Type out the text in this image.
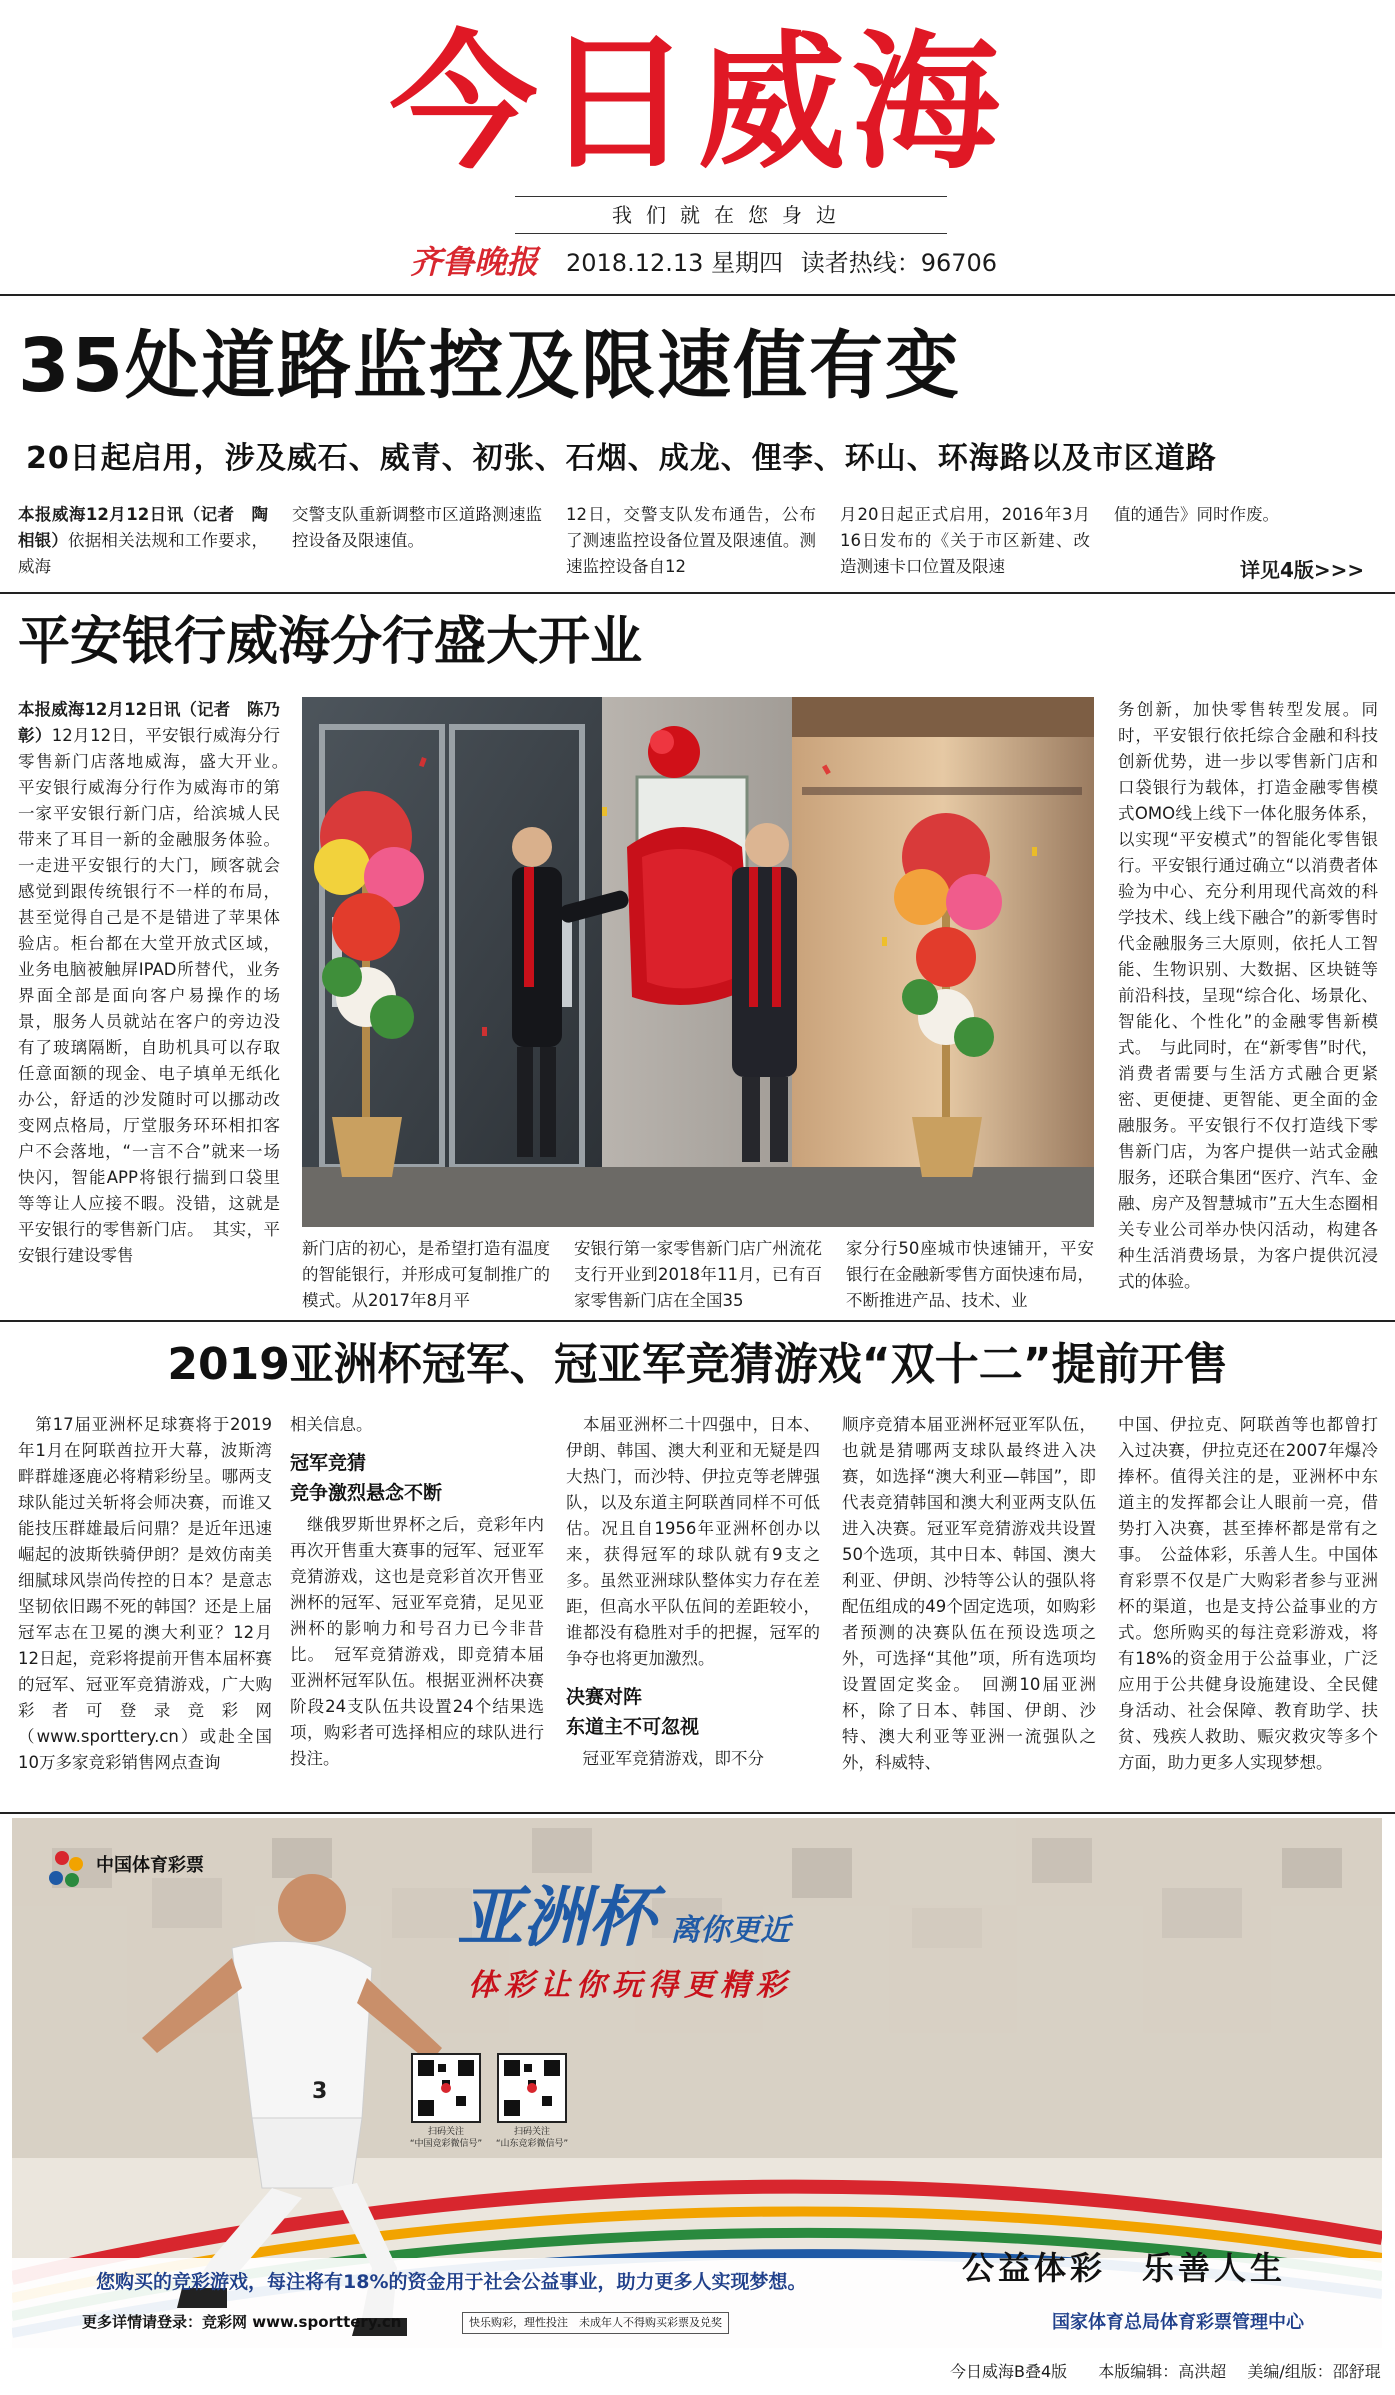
今日威海
我们就在您身边
齐鲁晚报 2018.12.13 星期四 读者热线：96706
35处道路监控及限速值有变
20日起启用，涉及威石、威青、初张、石烟、成龙、俚李、环山、环海路以及市区道路
本报威海12月12日讯（记者　陶相银）依据相关法规和工作要求，威海
交警支队重新调整市区道路测速监控设备及限速值。
12日，交警支队发布通告，公布了测速监控设备位置及限速值。测速监控设备自12
月20日起正式启用，2016年3月16日发布的《关于市区新建、改造测速卡口位置及限速
值的通告》同时作废。
详见4版>>>
平安银行威海分行盛大开业
本报威海12月12日讯（记者　陈乃彰）12月12日，平安银行威海分行零售新门店落地威海，盛大开业。　平安银行威海分行作为威海市的第一家平安银行新门店，给滨城人民带来了耳目一新的金融服务体验。一走进平安银行的大门，顾客就会感觉到跟传统银行不一样的布局，甚至觉得自己是不是错进了苹果体验店。柜台都在大堂开放式区域，业务电脑被触屏IPAD所替代，业务界面全部是面向客户易操作的场景，服务人员就站在客户的旁边没有了玻璃隔断，自助机具可以存取任意面额的现金、电子填单无纸化办公，舒适的沙发随时可以挪动改变网点格局，厅堂服务环环相扣客户不会落地，“一言不合”就来一场快闪，智能APP将银行揣到口袋里等等让人应接不暇。没错，这就是平安银行的零售新门店。　其实，平安银行建设零售	新门店的初心，是希望打造有温度的智能银行，并形成可复制推广的模式。从2017年8月平
安银行第一家零售新门店广州流花支行开业到2018年11月，已有百家零售新门店在全国35
家分行50座城市快速铺开，平安银行在金融新零售方面快速布局，不断推进产品、技术、业
务创新，加快零售转型发展。同时，平安银行依托综合金融和科技创新优势，进一步以零售新门店和口袋银行为载体，打造金融零售模式OMO线上线下一体化服务体系，以实现“平安模式”的智能化零售银行。平安银行通过确立“以消费者体验为中心、充分利用现代高效的科学技术、线上线下融合”的新零售时代金融服务三大原则，依托人工智能、生物识别、大数据、区块链等前沿科技，呈现“综合化、场景化、智能化、个性化”的金融零售新模式。　与此同时，在“新零售”时代，消费者需要与生活方式融合更紧密、更便捷、更智能、更全面的金融服务。平安银行不仅打造线下零售新门店，为客户提供一站式金融服务，还联合集团“医疗、汽车、金融、房产及智慧城市”五大生态圈相关专业公司举办快闪活动，构建各种生活消费场景，为客户提供沉浸式的体验。
2019亚洲杯冠军、冠亚军竞猜游戏“双十二”提前开售
　第17届亚洲杯足球赛将于2019年1月在阿联酋拉开大幕，波斯湾畔群雄逐鹿必将精彩纷呈。哪两支球队能过关斩将会师决赛，而谁又能技压群雄最后问鼎？是近年迅速崛起的波斯铁骑伊朗？是效仿南美细腻球风崇尚传控的日本？是意志坚韧依旧踢不死的韩国？还是上届冠军志在卫冕的澳大利亚？12月12日起，竞彩将提前开售本届杯赛的冠军、冠亚军竞猜游戏，广大购彩者可登录竞彩网（www.sporttery.cn）或赴全国10万多家竞彩销售网点查询
相关信息。
冠军竞猜
竞争激烈悬念不断
　继俄罗斯世界杯之后，竞彩年内再次开售重大赛事的冠军、冠亚军竞猜游戏，这也是竞彩首次开售亚洲杯的冠军、冠亚军竞猜，足见亚洲杯的影响力和号召力已今非昔比。　冠军竞猜游戏，即竞猜本届亚洲杯冠军队伍。根据亚洲杯决赛阶段24支队伍共设置24个结果选项，购彩者可选择相应的球队进行投注。
　本届亚洲杯二十四强中，日本、伊朗、韩国、澳大利亚和无疑是四大热门，而沙特、伊拉克等老牌强队，以及东道主阿联酋同样不可低估。况且自1956年亚洲杯创办以来，获得冠军的球队就有9支之多。虽然亚洲球队整体实力存在差距，但高水平队伍间的差距较小，谁都没有稳胜对手的把握，冠军的争夺也将更加激烈。
决赛对阵
东道主不可忽视
　冠亚军竞猜游戏，即不分
顺序竞猜本届亚洲杯冠亚军队伍，也就是猜哪两支球队最终进入决赛，如选择“澳大利亚—韩国”，即代表竞猜韩国和澳大利亚两支队伍进入决赛。冠亚军竞猜游戏共设置50个选项，其中日本、韩国、澳大利亚、伊朗、沙特等公认的强队将配伍组成的49个固定选项，如购彩者预测的决赛队伍在预设选项之外，可选择“其他”项，所有选项均设置固定奖金。　回溯10届亚洲杯，除了日本、韩国、伊朗、沙特、澳大利亚等亚洲一流强队之外，科威特、
中国、伊拉克、阿联酋等也都曾打入过决赛，伊拉克还在2007年爆冷捧杯。值得关注的是，亚洲杯中东道主的发挥都会让人眼前一亮，借势打入决赛，甚至捧杯都是常有之事。　公益体彩，乐善人生。中国体育彩票不仅是广大购彩者参与亚洲杯的渠道，也是支持公益事业的方式。您所购买的每注竞彩游戏，将有18%的资金用于公益事业，广泛应用于公共健身设施建设、全民健身活动、社会保障、教育助学、扶贫、残疾人救助、赈灾救灾等多个方面，助力更多人实现梦想。
中国体育彩票
3
亚洲杯 离你更近
体彩让你玩得更精彩
扫码关注
“中国竞彩微信号”
扫码关注
“山东竞彩微信号”
公益体彩　乐善人生
您购买的竞彩游戏，每注将有18%的资金用于社会公益事业，助力更多人实现梦想。
更多详情请登录：竞彩网 www.sporttery.cn	快乐购彩，理性投注　未成年人不得购买彩票及兑奖	国家体育总局体育彩票管理中心
今日威海B叠4版 本版编辑：高洪超 美编/组版：邵舒琨
